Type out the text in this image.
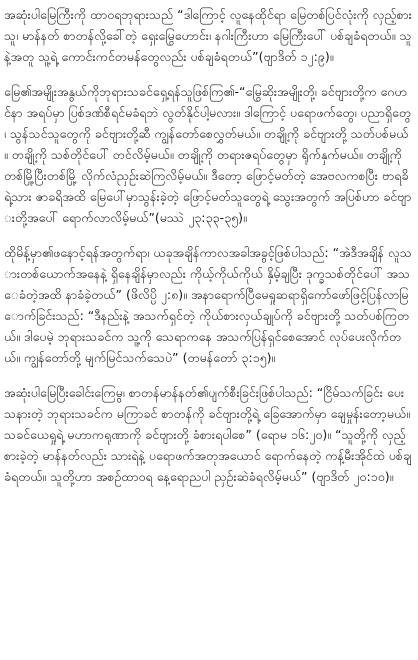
အဆုံးပါမြေကြီးကို ထာဝရဘုရားသည် “ဒါကြောင့် လူနေထိုင်ရာ မြေတစ်ပြင်လုံးကို လှည့်စားသူ၊ မာန်နတ် စာတန်လို့ခေါ်တဲ့ ရှေးမြွေဟောင်း၊ နဂါးကြီးဟာ မြေကြီးပေါ် ပစ်ချခံရတယ်။ သူနဲ့အတူ သူ့ရဲ့ ကောင်းကင်တမန်တွေလည်း ပစ်ချခံရတယ်”(ဗျာဒိတ် ၁၂:၉)။

မြေ၏အမျိုးအနွယ်ကိုဘုရားသခင်ရှေ့ရန်သူဖြစ်ကြ၏-“မြွေဆိုးအမျိုးတို့၊ ခင်ဗျားတို့က ဂေဟင်နာ အရပ်မှာ ပြစ်ဒဏ်စီရင်မခံရဘဲ လွတ်နိုင်ပါ့မလား။ ဒါကြောင့် ပရောဖက်တွေ၊ ပညာရှိတွေ၊ သွန်သင်သူတွေကို ခင်ဗျားတို့ဆီ ကျွန်တော်စေလွှတ်မယ်။ တချို့ကို ခင်ဗျားတို့ သတ်ပစ်မယ်။ တချို့ကို သစ်တိုင်ပေါ် တင်လိမ့်မယ်။ တချို့ကို တရားဇရပ်တွေမှာ ရိုက်နှက်မယ်။ တချို့ကို တစ်မြို့ပြီးတစ်မြို့ လိုက်လံညှဉ်းဆဲကြလိမ့်မယ်။ ဒီတော့ ဖြောင့်မတ်တဲ့ အေဗလကစပြီး ဗာရခိရဲ့သား ဇာခရိအထိ မြေပေါ်မှာသွန်းခဲ့တဲ့ ဖြောင့်မတ်သူတွေရဲ့ သွေးအတွက် အပြစ်ဟာ ခင်ဗျားတို့အပေါ် ရောက်လာလိမ့်မယ်”(မဿဲ ၂၃:၃၃-၃၅)။

ထိုမိန့်မှာ၏ဖနောင့်ရန်အတွက်ရာ၊ ယခုအချိန်ကာလအခါအခွင့်ဖြစ်ပါသည်: “အဲဒီအချိန် လူသားတစ်ယောက်အနေနဲ့ ရှိနေချိန်မှာလည်း ကိုယ့်ကိုယ်ကိုယ် နှိမ့်ချပြီး ဒုက္ခသစ်တိုင်ပေါ် အသေခံတဲ့အထိ နာခံခဲ့တယ်” (ဖိလိပ္ပိ ၂:၈)။ အနာရောက်ပြီမေရှုဆရာရှိကော်ဖော်ဖြင့်ပြန်လာမြောက်ခြင်းသည်: “ဒီနည်းနဲ့ အသက်ရှင်တဲ့ ကိုယ်စားလှယ်ချုပ်ကို ခင်ဗျားတို့ သတ်ပစ်ကြတယ်။ ဒါပေမဲ့ ဘုရားသခင်က သူ့ကို သေရာကနေ အသက်ပြန်ရှင်စေအောင် လုပ်ပေးလိုက်တယ်။ ကျွန်တော်တို့ မျက်မြင်သက်သေပဲ” (တမန်တော် ၃:၁၅)။

အဆုံးပါမြေပြီးခေါင်းကြေမွ၊ စာတန်မာန်နတ်၏ပျက်စီးခြင်းဖြစ်ပါသည်: “ငြိမ်သက်ခြင်း ပေးသနားတဲ့ ဘုရားသခင်က မကြာခင် စာတန်ကို ခင်ဗျားတို့ရဲ့ ခြေအောက်မှာ ချေမှုန်းတော့မယ်။ သခင်ယေရှုရဲ့ မဟာကရုဏာကို ခင်ဗျားတို့ ခံစားရပါစေ” (ရောမ ၁၆:၂၀)။ “သူတို့ကို လှည့်စားခဲ့တဲ့ မာန်နတ်လည်း သားရဲနဲ့ ပရောဖက်အတုအယောင် ရောက်နေတဲ့ ကန့်မီးအိုင်ထဲ ပစ်ချခံရတယ်။ သူတို့ဟာ အစဉ်ထာဝရ နေ့ရောညပါ ညှဉ်းဆဲခံရလိမ့်မယ်” (ဗျာဒိတ် ၂၀:၁၀)။
